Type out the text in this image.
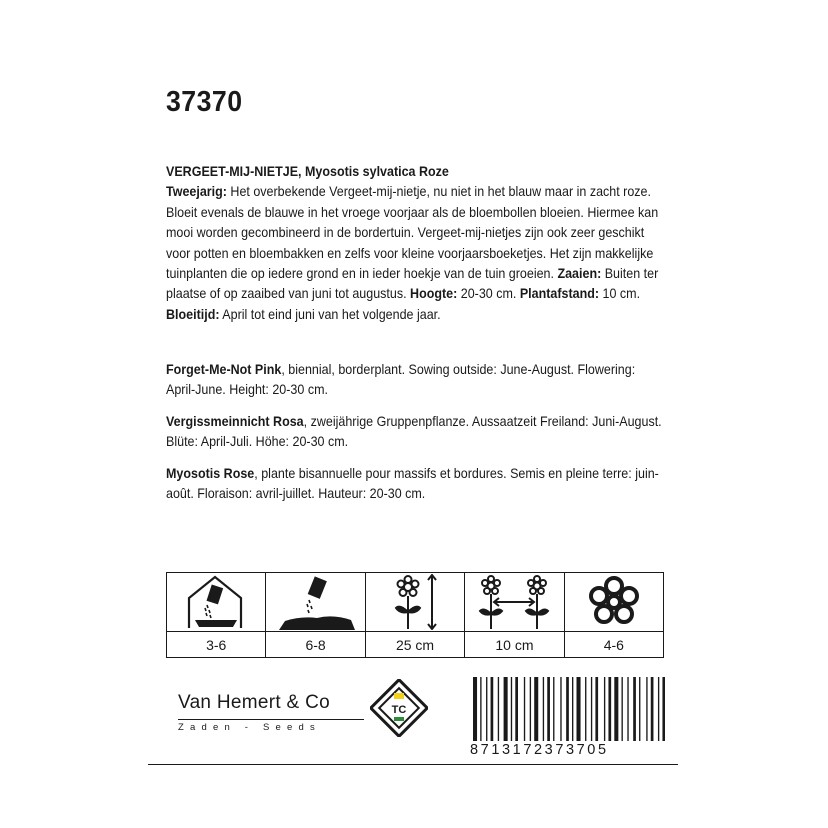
37370
VERGEET-MIJ-NIETJE, Myosotis sylvatica Roze
Tweejarig: Het overbekende Vergeet-mij-nietje, nu niet in het blauw maar in zacht roze. Bloeit evenals de blauwe in het vroege voorjaar als de bloembollen bloeien. Hiermee kan mooi worden gecombineerd in de bordertuin. Vergeet-mij-nietjes zijn ook zeer geschikt voor potten en bloembakken en zelfs voor kleine voorjaarsboeketjes. Het zijn makkelijke tuinplanten die op iedere grond en in ieder hoekje van de tuin groeien. Zaaien: Buiten ter plaatse of op zaaibed van juni tot augustus. Hoogte: 20-30 cm. Plantafstand: 10 cm. Bloeitijd: April tot eind juni van het volgende jaar.
Forget-Me-Not Pink, biennial, borderplant. Sowing outside: June-August. Flowering: April-June. Height: 20-30 cm.
Vergissmeinnicht Rosa, zweijährige Gruppenpflanze. Aussaatzeit Freiland: Juni-August. Blüte: April-Juli. Höhe: 20-30 cm.
Myosotis Rose, plante bisannuelle pour massifs et bordures. Semis en pleine terre: juin-août. Floraison: avril-juillet. Hauteur: 20-30 cm.
3-6	6-8	25 cm	10 cm	4-6
Van Hemert & Co
Zaden - Seeds
TC
8713172373705
